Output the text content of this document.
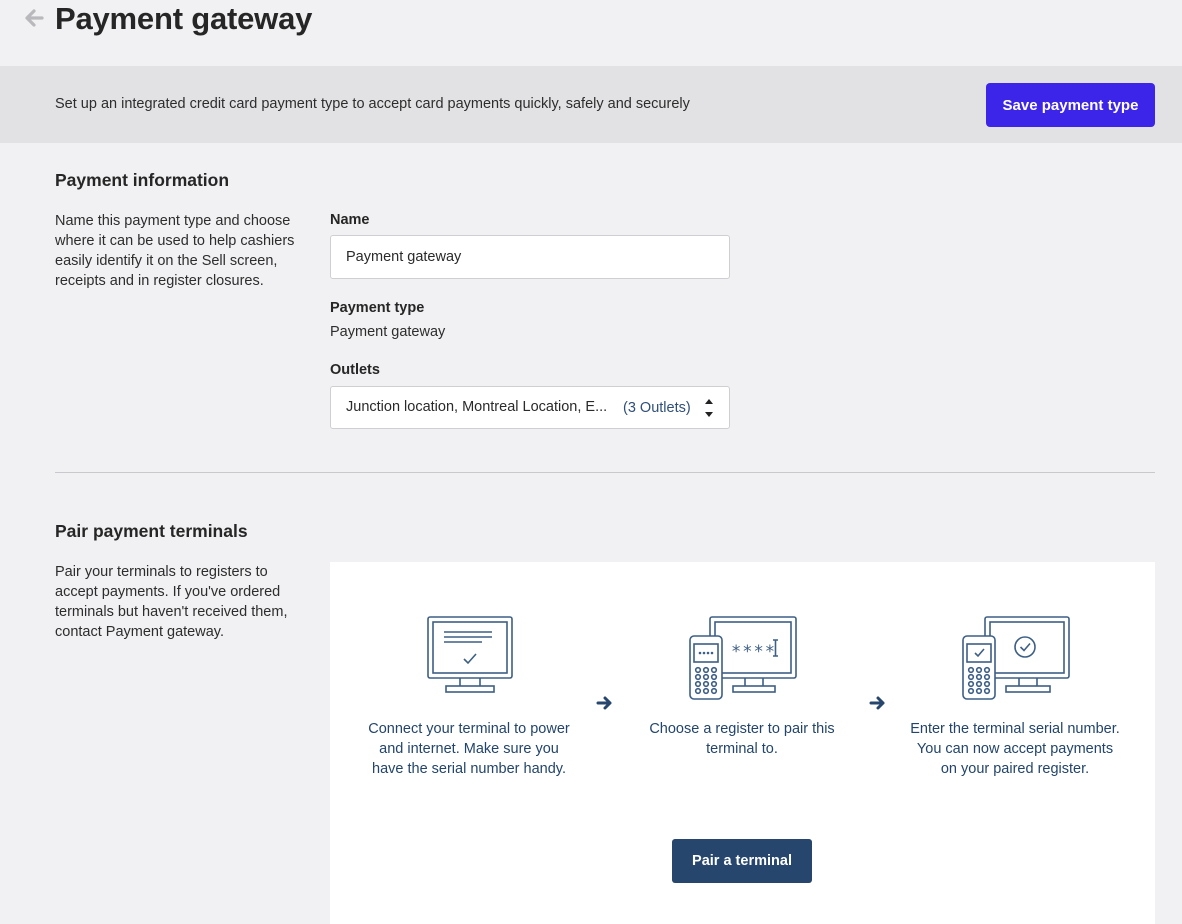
Payment gateway
Set up an integrated credit card payment type to accept card payments quickly, safely and securely	Save payment type
Payment information

Name this payment type and choose where it can be used to help cashiers easily identify it on the Sell screen, receipts and in register closures.

Name
Payment gateway
Payment type
Payment gateway
Outlets
Junction location, Montreal Location, E...	(3 Outlets)
Pair payment terminals

Pair your terminals to registers to accept payments. If you've ordered terminals but haven't received them, contact Payment gateway.

****
Connect your terminal to power and internet. Make sure you have the serial number handy.
Choose a register to pair this terminal to.
Enter the terminal serial number. You can now accept payments on your paired register.
Pair a terminal
